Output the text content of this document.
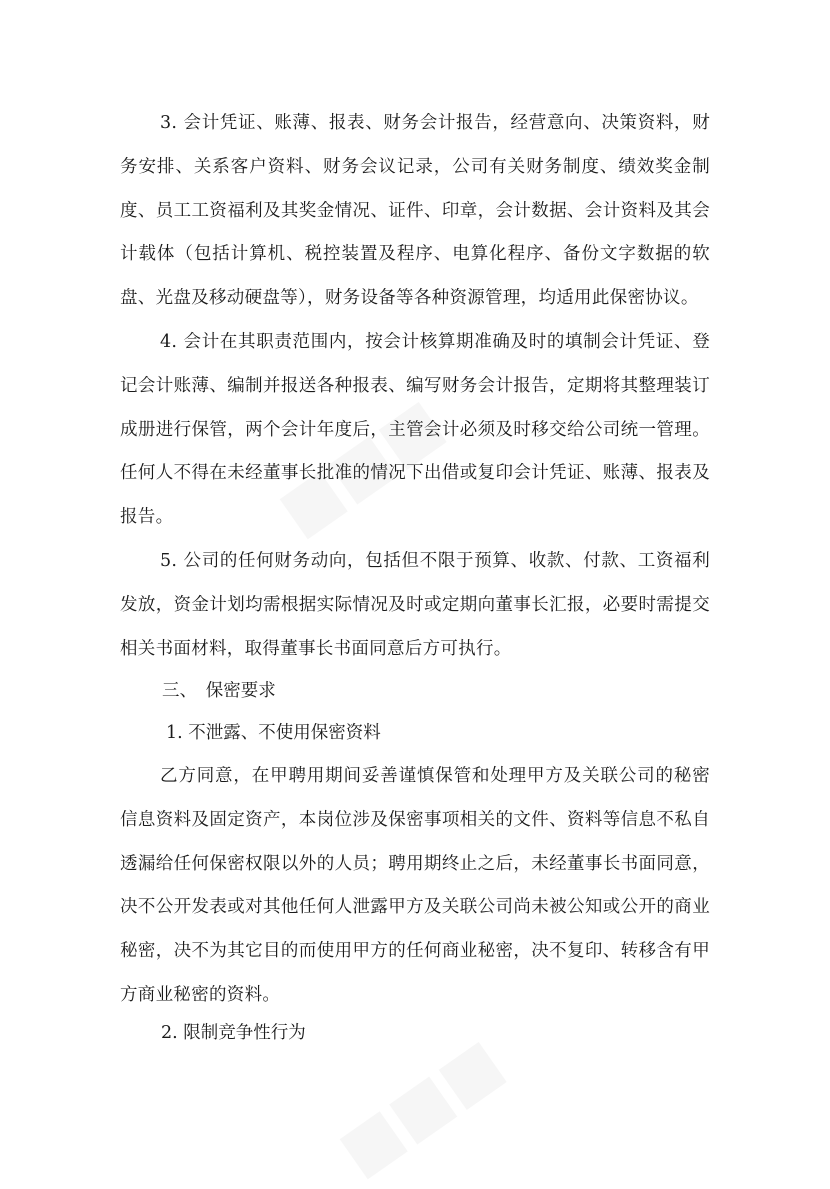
3. 会计凭证、账薄、报表、财务会计报告，经营意向、决策资料，财务安排、关系客户资料、财务会议记录，公司有关财务制度、绩效奖金制度、员工工资福利及其奖金情况、证件、印章，会计数据、会计资料及其会计载体（包括计算机、税控装置及程序、电算化程序、备份文字数据的软盘、光盘及移动硬盘等），财务设备等各种资源管理，均适用此保密协议。

4. 会计在其职责范围内，按会计核算期准确及时的填制会计凭证、登记会计账薄、编制并报送各种报表、编写财务会计报告，定期将其整理装订成册进行保管，两个会计年度后，主管会计必须及时移交给公司统一管理。任何人不得在未经董事长批准的情况下出借或复印会计凭证、账薄、报表及报告。

5. 公司的任何财务动向，包括但不限于预算、收款、付款、工资福利发放，资金计划均需根据实际情况及时或定期向董事长汇报，必要时需提交相关书面材料，取得董事长书面同意后方可执行。

三、　保密要求

1. 不泄露、不使用保密资料

乙方同意，在甲聘用期间妥善谨慎保管和处理甲方及关联公司的秘密信息资料及固定资产，本岗位涉及保密事项相关的文件、资料等信息不私自透漏给任何保密权限以外的人员；聘用期终止之后，未经董事长书面同意，决不公开发表或对其他任何人泄露甲方及关联公司尚未被公知或公开的商业秘密，决不为其它目的而使用甲方的任何商业秘密，决不复印、转移含有甲方商业秘密的资料。

2. 限制竞争性行为
